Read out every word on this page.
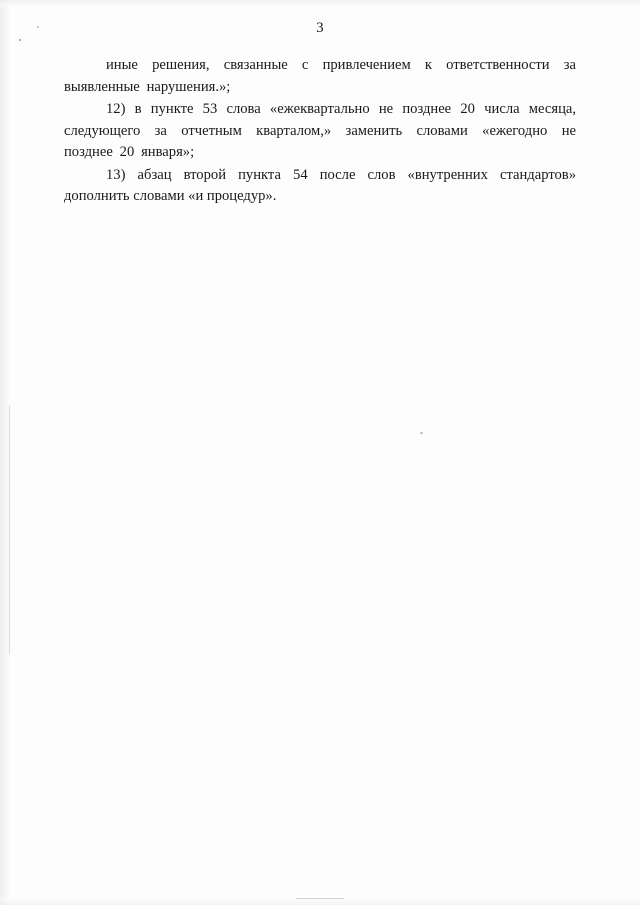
3

иные решения, связанные с привлечением к ответственности за выявленные нарушения.»;

12) в пункте 53 слова «ежеквартально не позднее 20 числа месяца, следующего за отчетным кварталом,» заменить словами «ежегодно не позднее 20 января»;

13) абзац второй пункта 54 после слов «внутренних стандартов» дополнить словами «и процедур».
